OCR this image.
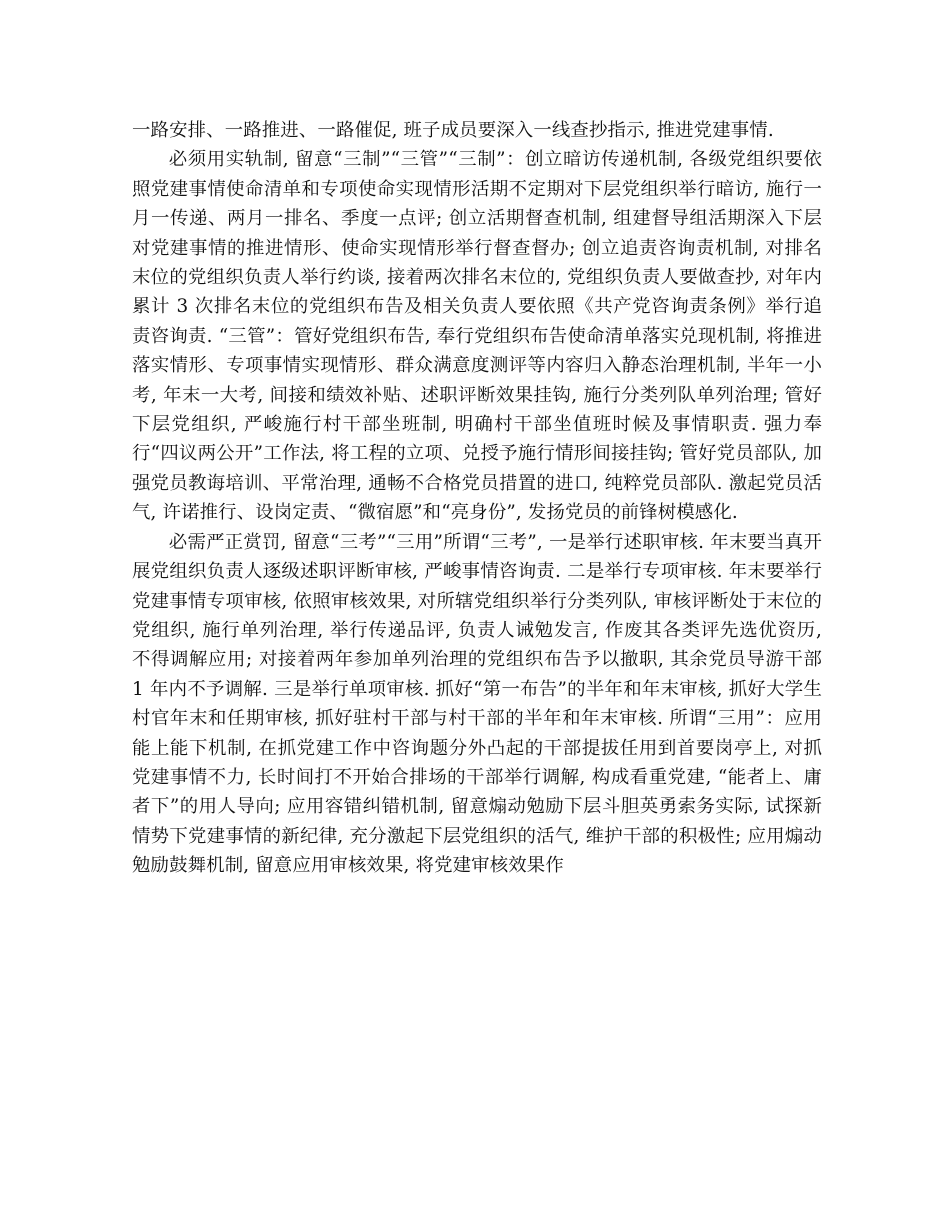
一路安排、一路推进、一路催促, 班子成员要深入一线查抄指示, 推进党建事情.

必须用实轨制, 留意“三制”“三管”“三制”：创立暗访传递机制, 各级党组织要依照党建事情使命清单和专项使命实现情形活期不定期对下层党组织举行暗访, 施行一月一传递、两月一排名、季度一点评; 创立活期督查机制, 组建督导组活期深入下层对党建事情的推进情形、使命实现情形举行督查督办; 创立追责咨询责机制, 对排名末位的党组织负责人举行约谈, 接着两次排名末位的, 党组织负责人要做查抄, 对年内累计 3 次排名末位的党组织布告及相关负责人要依照《共产党咨询责条例》举行追责咨询责. “三管”：管好党组织布告, 奉行党组织布告使命清单落实兑现机制, 将推进落实情形、专项事情实现情形、群众满意度测评等内容归入静态治理机制, 半年一小考, 年末一大考, 间接和绩效补贴、述职评断效果挂钩, 施行分类列队单列治理; 管好下层党组织, 严峻施行村干部坐班制, 明确村干部坐值班时候及事情职责. 强力奉行“四议两公开”工作法, 将工程的立项、兑授予施行情形间接挂钩; 管好党员部队, 加强党员教诲培训、平常治理, 通畅不合格党员措置的进口, 纯粹党员部队. 激起党员活气, 许诺推行、设岗定责、“微宿愿”和“亮身份”, 发扬党员的前锋树模感化.

必需严正赏罚, 留意“三考”“三用”所谓“三考”, 一是举行述职审核. 年末要当真开展党组织负责人逐级述职评断审核, 严峻事情咨询责. 二是举行专项审核. 年末要举行党建事情专项审核, 依照审核效果, 对所辖党组织举行分类列队, 审核评断处于末位的党组织, 施行单列治理, 举行传递品评, 负责人诫勉发言, 作废其各类评先选优资历, 不得调解应用; 对接着两年参加单列治理的党组织布告予以撤职, 其余党员导游干部 1 年内不予调解. 三是举行单项审核. 抓好“第一布告”的半年和年末审核, 抓好大学生村官年末和任期审核, 抓好驻村干部与村干部的半年和年末审核. 所谓“三用”：应用能上能下机制, 在抓党建工作中咨询题分外凸起的干部提拔任用到首要岗亭上, 对抓党建事情不力, 长时间打不开始合排场的干部举行调解, 构成看重党建, “能者上、庸者下”的用人导向; 应用容错纠错机制, 留意煽动勉励下层斗胆英勇索务实际, 试探新情势下党建事情的新纪律, 充分激起下层党组织的活气, 维护干部的积极性; 应用煽动勉励鼓舞机制, 留意应用审核效果, 将党建审核效果作
